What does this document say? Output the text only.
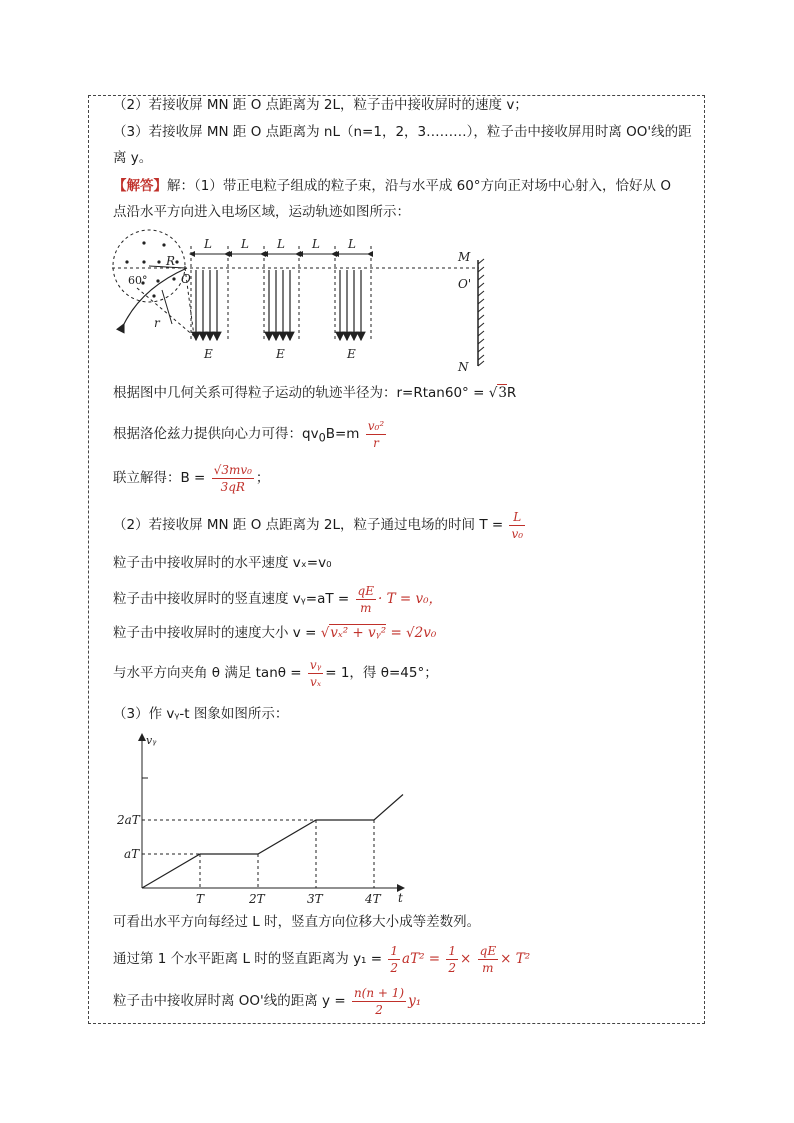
（2）若接收屏 MN 距 O 点距离为 2L，粒子击中接收屏时的速度 v；
（3）若接收屏 MN 距 O 点距离为 nL（n=1，2，3………），粒子击中接收屏用时离 OO'线的距
离 y。
【解答】解：（1）带正电粒子组成的粒子束，沿与水平成 60°方向正对场中心射入，恰好从 O
点沿水平方向进入电场区域，运动轨迹如图所示：
R
O
60°
r
L L L L L
E	E	E
M
O'
N
根据图中几何关系可得粒子运动的轨迹半径为：r=Rtan60° = √3R
根据洛伦兹力提供向心力可得：$qv_0B=m \frac{\text{v₀²}}{r}$
联立解得：$B = \frac{\text{√3mv₀}}{3qR}$ ；
（2）若接收屏 MN 距 O 点距离为 2L，粒子通过电场的时间 $T = \frac{L}{\text{v₀}}$
粒子击中接收屏时的水平速度 vₓ=v₀
粒子击中接收屏时的竖直速度 vᵧ=aT = $\frac{qE}{m} \cdot T = v_0$，
粒子击中接收屏时的速度大小 v = √vₓ² + vᵧ² = √2v₀
与水平方向夹角 θ 满足 $\tan\theta = \frac{\text{vᵧ}}{\text{vₓ}} = 1$，得 θ=45°；
（3）作 vᵧ-t 图象如图所示：
vᵧ
t
T	2T	3T	4T
aT
2aT
可看出水平方向每经过 L 时，竖直方向位移大小成等差数列。
通过第 1 个水平距离 L 时的竖直距离为 $y_1 = \frac{1}{2} aT^2 = \frac{1}{2} \times \frac{qE}{m} \times T^2$
粒子击中接收屏时离 OO'线的距离 $y = \frac{n(n + 1)}{2} y_1$
